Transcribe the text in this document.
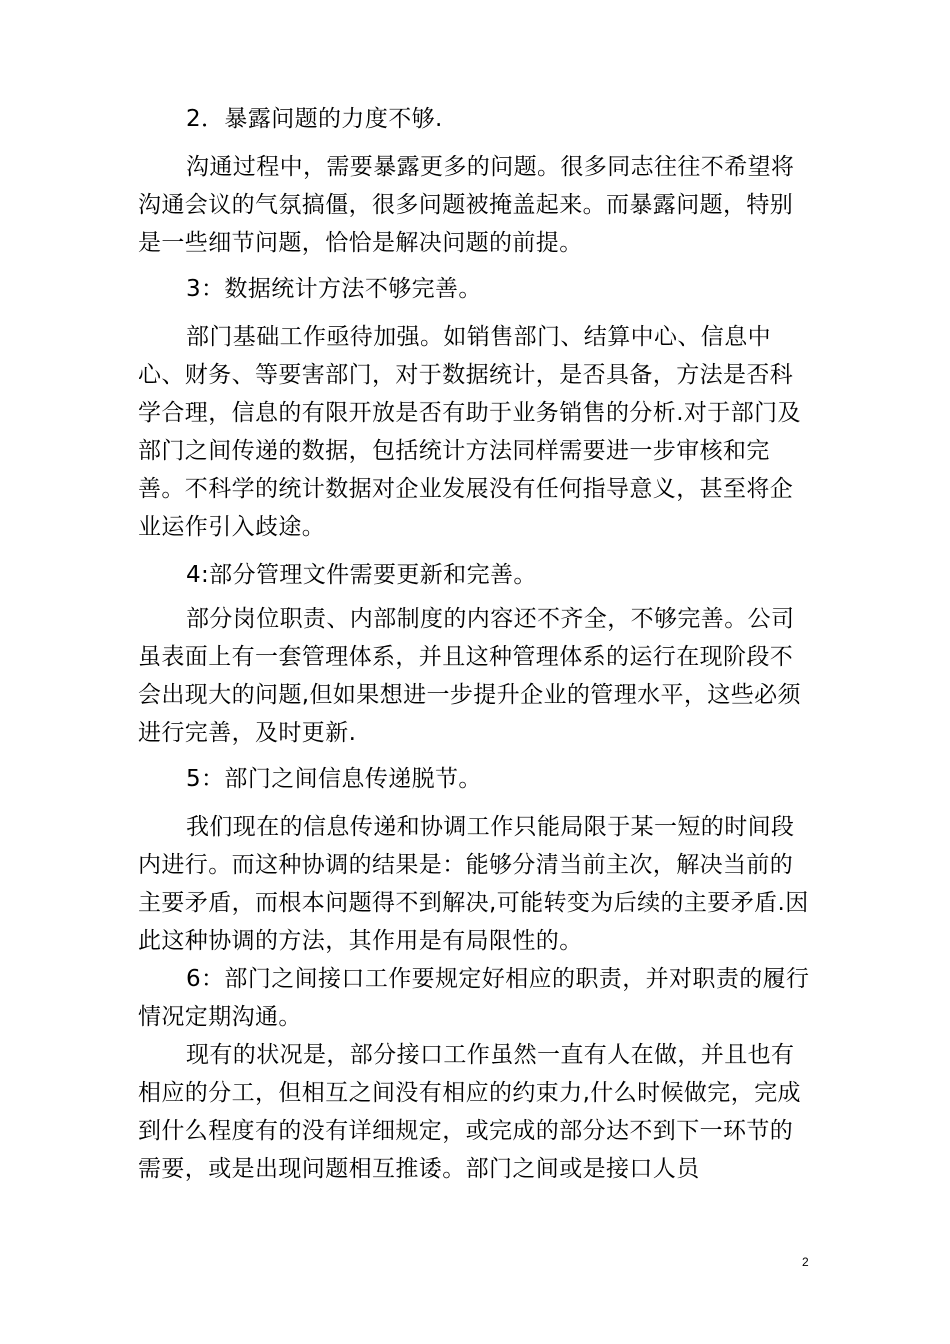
2．暴露问题的力度不够.

沟通过程中，需要暴露更多的问题。很多同志往往不希望将沟通会议的气氛搞僵，很多问题被掩盖起来。而暴露问题，特别是一些细节问题，恰恰是解决问题的前提。

3：数据统计方法不够完善。

部门基础工作亟待加强。如销售部门、结算中心、信息中心、财务、等要害部门，对于数据统计，是否具备，方法是否科学合理，信息的有限开放是否有助于业务销售的分析.对于部门及部门之间传递的数据，包括统计方法同样需要进一步审核和完善。不科学的统计数据对企业发展没有任何指导意义，甚至将企业运作引入歧途。

4:部分管理文件需要更新和完善。

部分岗位职责、内部制度的内容还不齐全，不够完善。公司虽表面上有一套管理体系，并且这种管理体系的运行在现阶段不会出现大的问题,但如果想进一步提升企业的管理水平，这些必须进行完善，及时更新.

5：部门之间信息传递脱节。

我们现在的信息传递和协调工作只能局限于某一短的时间段内进行。而这种协调的结果是：能够分清当前主次，解决当前的主要矛盾，而根本问题得不到解决,可能转变为后续的主要矛盾.因此这种协调的方法，其作用是有局限性的。

6：部门之间接口工作要规定好相应的职责，并对职责的履行情况定期沟通。

现有的状况是，部分接口工作虽然一直有人在做，并且也有相应的分工，但相互之间没有相应的约束力,什么时候做完，完成到什么程度有的没有详细规定，或完成的部分达不到下一环节的需要，或是出现问题相互推诿。部门之间或是接口人员

2
